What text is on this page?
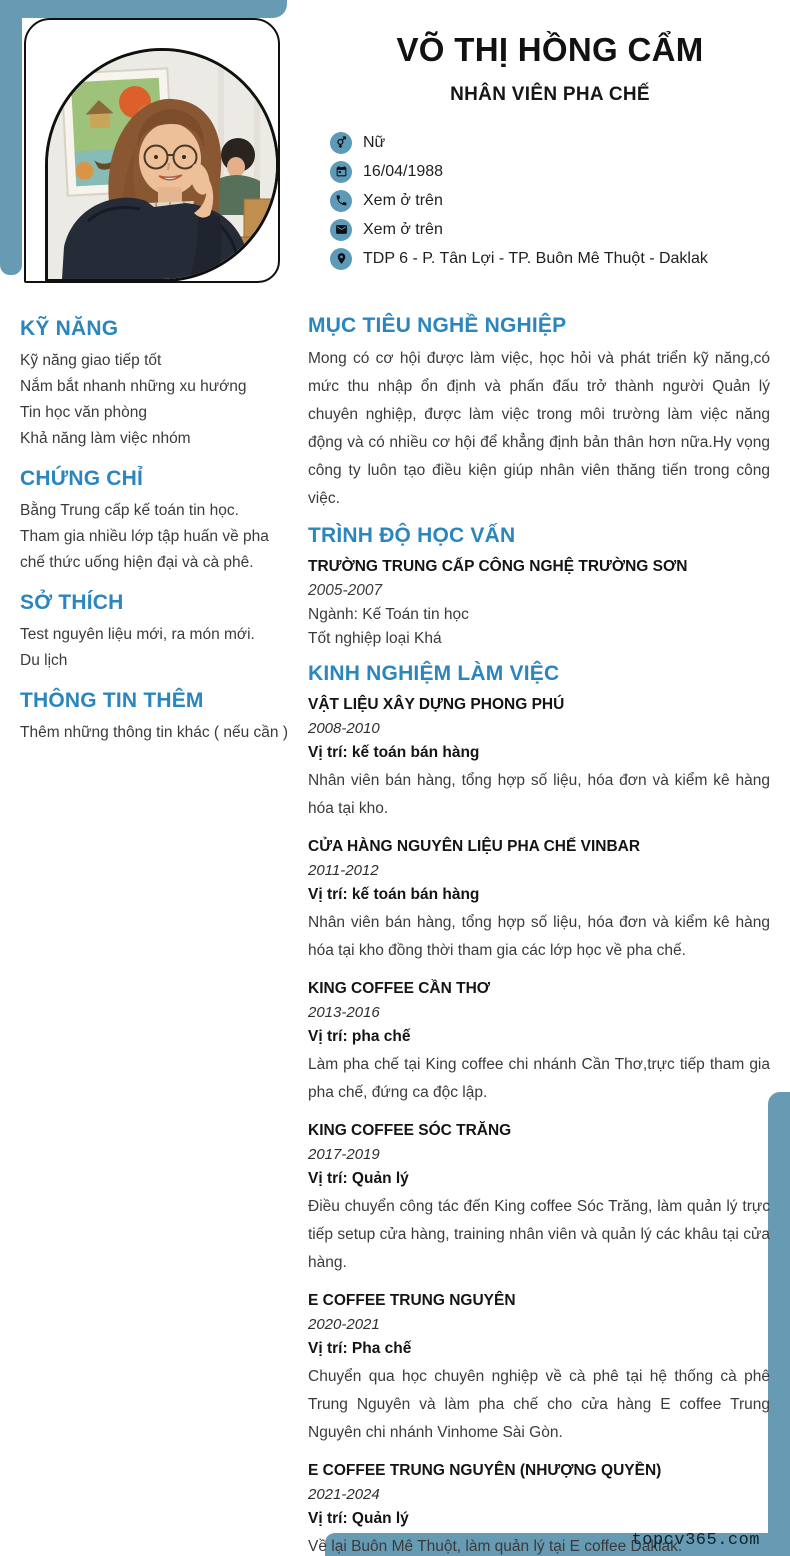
VÕ THỊ HỒNG CẨM
NHÂN VIÊN PHA CHẾ
Nữ
16/04/1988
Xem ở trên
Xem ở trên
TDP 6 - P. Tân Lợi - TP. Buôn Mê Thuột - Daklak
KỸ NĂNG
Kỹ năng giao tiếp tốt
Nắm bắt nhanh những xu hướng
Tin học văn phòng
Khả năng làm việc nhóm
CHỨNG CHỈ
Bằng Trung cấp kế toán tin học.
Tham gia nhiều lớp tập huấn về pha chế thức uống hiện đại và cà phê.
SỞ THÍCH
Test nguyên liệu mới, ra món mới.
Du lịch
THÔNG TIN THÊM
Thêm những thông tin khác ( nếu cần )
MỤC TIÊU NGHỀ NGHIỆP

Mong có cơ hội được làm việc, học hỏi và phát triển kỹ năng,có mức thu nhập ổn định và phấn đấu trở thành người Quản lý chuyên nghiệp, được làm việc trong môi trường làm việc năng động và có nhiều cơ hội để khẳng định bản thân hơn nữa.Hy vọng công ty luôn tạo điều kiện giúp nhân viên thăng tiến trong công việc.

TRÌNH ĐỘ HỌC VẤN
TRƯỜNG TRUNG CẤP CÔNG NGHỆ TRƯỜNG SƠN
2005-2007
Ngành: Kế Toán tin học
Tốt nghiệp loại Khá
KINH NGHIỆM LÀM VIỆC
VẬT LIỆU XÂY DỰNG PHONG PHÚ
2008-2010
Vị trí: kế toán bán hàng
Nhân viên bán hàng, tổng hợp số liệu, hóa đơn và kiểm kê hàng hóa tại kho.
CỬA HÀNG NGUYÊN LIỆU PHA CHẾ VINBAR
2011-2012
Vị trí: kế toán bán hàng
Nhân viên bán hàng, tổng hợp số liệu, hóa đơn và kiểm kê hàng hóa tại kho đồng thời tham gia các lớp học về pha chế.
KING COFFEE CẦN THƠ
2013-2016
Vị trí: pha chế
Làm pha chế tại King coffee chi nhánh Cần Thơ,trực tiếp tham gia pha chế, đứng ca độc lập.
KING COFFEE SÓC TRĂNG
2017-2019
Vị trí: Quản lý
Điều chuyển công tác đến King coffee Sóc Trăng, làm quản lý trực tiếp setup cửa hàng, training nhân viên và quản lý các khâu tại cửa hàng.
E COFFEE TRUNG NGUYÊN
2020-2021
Vị trí: Pha chế
Chuyển qua học chuyên nghiệp về cà phê tại hệ thống cà phê Trung Nguyên và làm pha chế cho cửa hàng E coffee Trung Nguyên chi nhánh Vinhome Sài Gòn.
E COFFEE TRUNG NGUYÊN (NHƯỢNG QUYỀN)
2021-2024
Vị trí: Quản lý
Về lại Buôn Mê Thuột, làm quản lý tại E coffee Daklak.
topcv365.com
